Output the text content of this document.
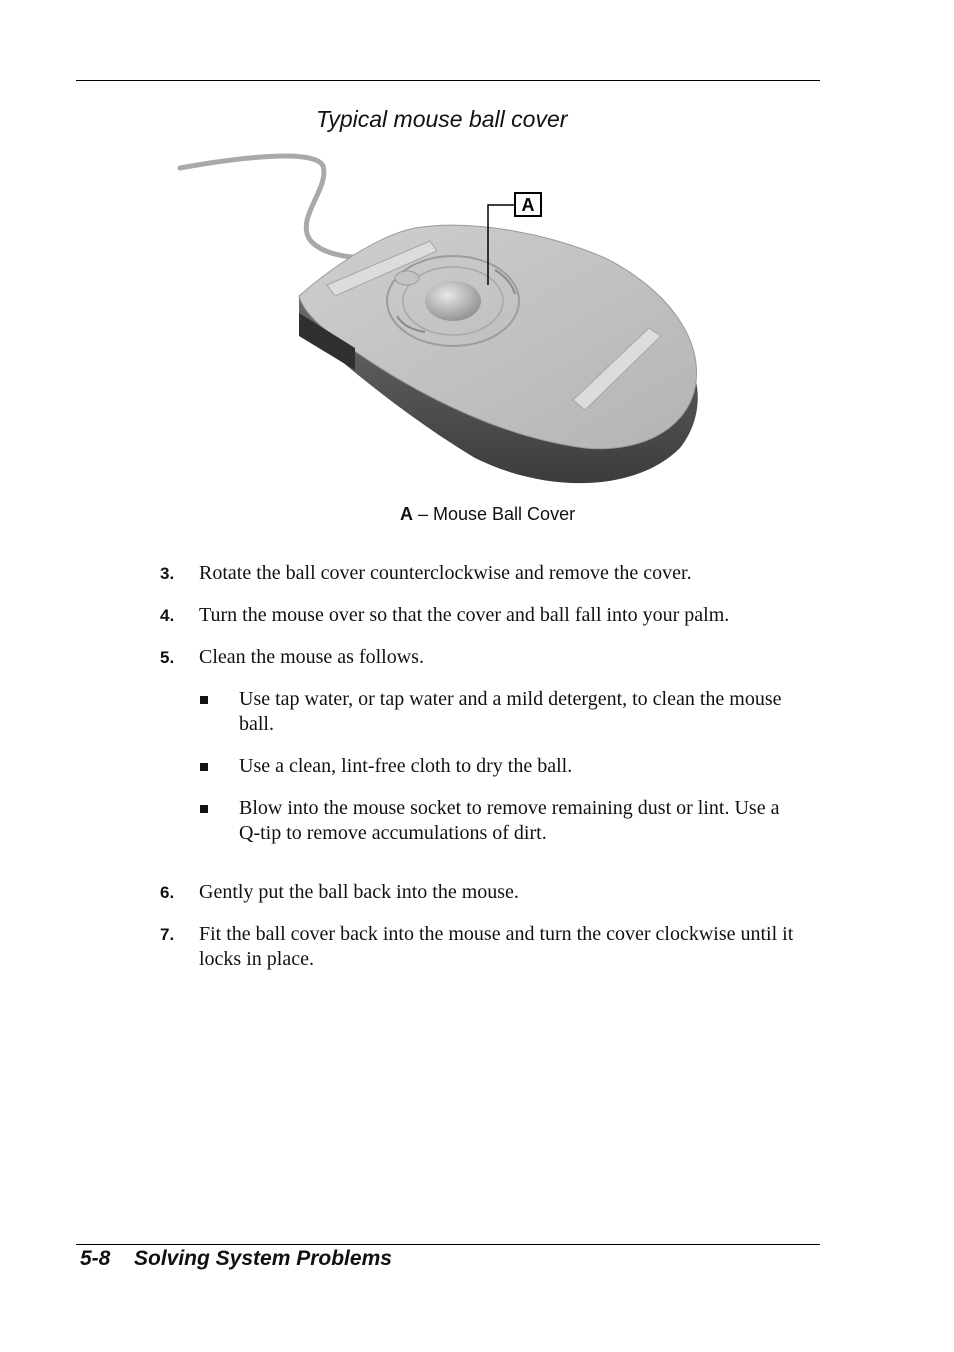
Typical mouse ball cover
A
A – Mouse Ball Cover
3.	Rotate the ball cover counterclockwise and remove the cover.
4.	Turn the mouse over so that the cover and ball fall into your palm.
5.	Clean the mouse as follows.
Use tap water, or tap water and a mild detergent, to clean the mouse ball.
Use a clean, lint-free cloth to dry the ball.
Blow into the mouse socket to remove remaining dust or lint. Use a Q-tip to remove accumulations of dirt.
6.	Gently put the ball back into the mouse.
7.	Fit the ball cover back into the mouse and turn the cover clockwise until it locks in place.
5-8 Solving System Problems
